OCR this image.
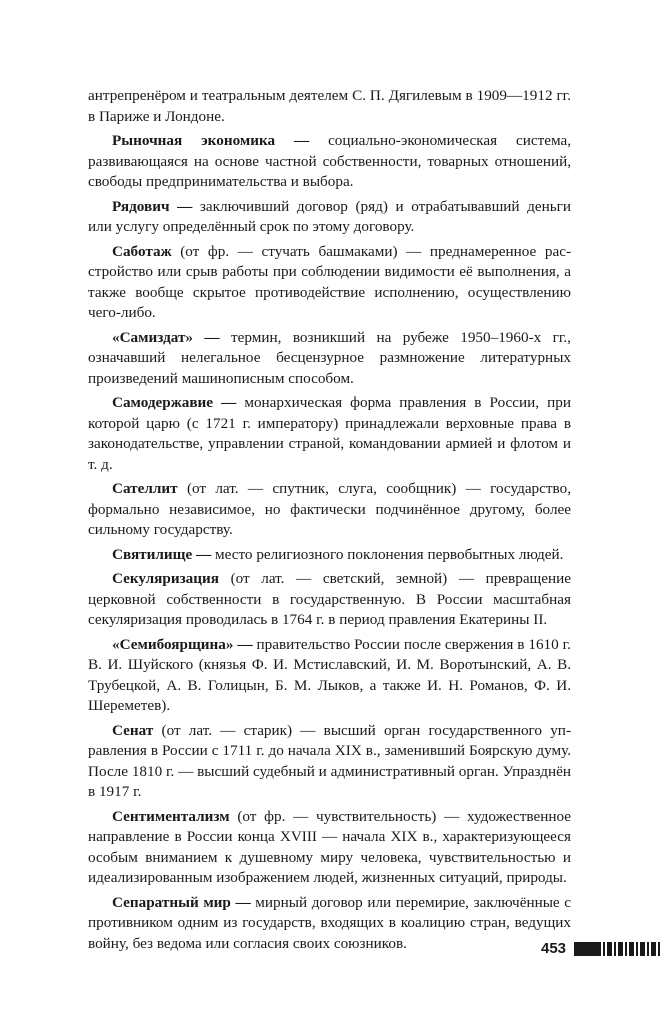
антрепренёром и театральным деятелем С. П. Дягилевым в 1909—1912 гг. в Париже и Лондоне.

Рыночная экономика — социально-экономическая система, развивающаяся на основе частной собственности, товарных отношений, свободы предпринимательства и выбора.

Рядович — заключивший договор (ряд) и отрабатывавший деньги или услугу определённый срок по этому договору.

Саботаж (от фр. — стучать башмаками) — преднамеренное расстройство или срыв работы при соблюдении видимости её выполнения, а также вообще скрытое противодействие исполнению, осуществлению чего-либо.

«Самиздат» — термин, возникший на рубеже 1950–1960-х гг., означавший нелегальное бесцензурное размножение литературных произведений машинописным способом.

Самодержавие — монархическая форма правления в России, при которой царю (с 1721 г. императору) принадлежали верховные права в законодательстве, управлении страной, командовании армией и флотом и т. д.

Сателлит (от лат. — спутник, слуга, сообщник) — государство, формально независимое, но фактически подчинённое другому, более сильному государству.

Святилище — место религиозного поклонения первобытных людей.

Секуляризация (от лат. — светский, земной) — превращение церковной собственности в государственную. В России масштабная секуляризация проводилась в 1764 г. в период правления Екатерины II.

«Семибоярщина» — правительство России после свержения в 1610 г. В. И. Шуйского (князья Ф. И. Мстиславский, И. М. Воротынский, А. В. Трубецкой, А. В. Голицын, Б. М. Лыков, а также И. Н. Романов, Ф. И. Шереметев).

Сенат (от лат. — старик) — высший орган государственного управления в России с 1711 г. до начала XIX в., заменивший Боярскую думу. После 1810 г. — высший судебный и административный орган. Упразднён в 1917 г.

Сентиментализм (от фр. — чувствительность) — художественное направление в России конца XVIII — начала XIX в., характеризующееся особым вниманием к душевному миру человека, чувствительностью и идеализированным изображением людей, жизненных ситуаций, природы.

Сепаратный мир — мирный договор или перемирие, заключённые с противником одним из государств, входящих в коалицию стран, ведущих войну, без ведома или согласия своих союзников.	453
